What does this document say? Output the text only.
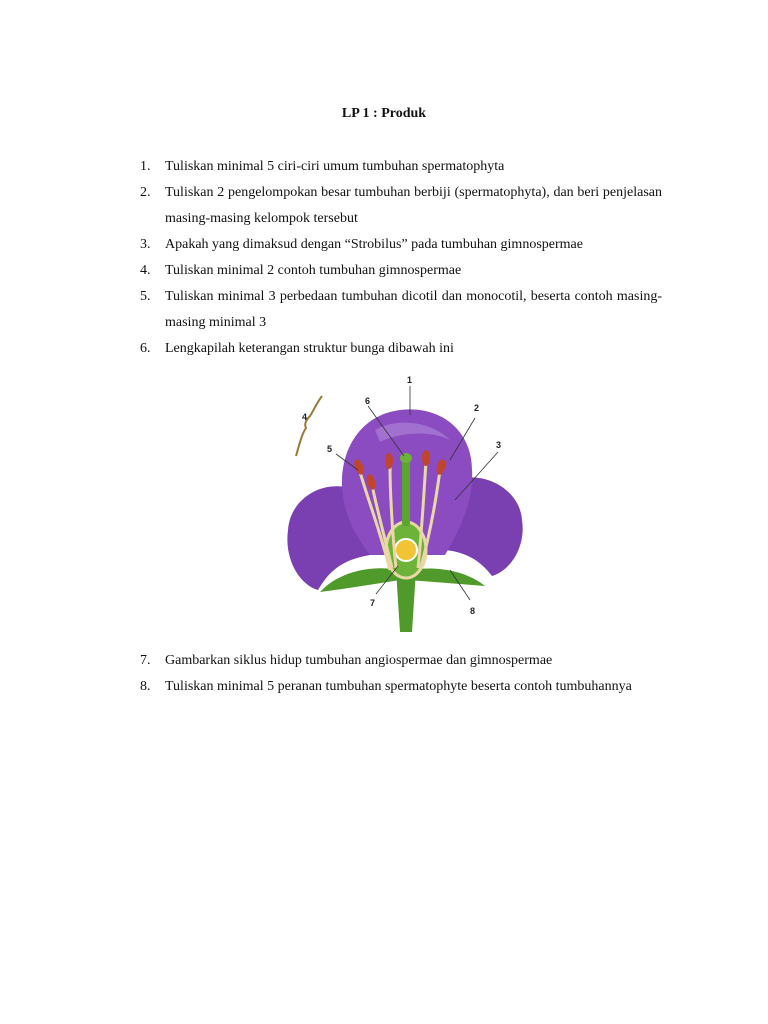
LP 1 : Produk
1.	Tuliskan minimal 5 ciri-ciri umum tumbuhan spermatophyta
2.	Tuliskan 2 pengelompokan besar tumbuhan berbiji (spermatophyta), dan beri penjelasan masing-masing kelompok tersebut
3.	Apakah yang dimaksud dengan “Strobilus” pada tumbuhan gimnospermae
4.	Tuliskan minimal 2 contoh tumbuhan gimnospermae
5.	Tuliskan minimal 3 perbedaan tumbuhan dicotil dan monocotil, beserta contoh masing-masing minimal 3
6.	Lengkapilah keterangan struktur bunga dibawah ini
1
2
3
4
5
6
7
8
7.	Gambarkan siklus hidup tumbuhan angiospermae dan gimnospermae
8.	Tuliskan minimal 5 peranan tumbuhan spermatophyte beserta contoh tumbuhannya
